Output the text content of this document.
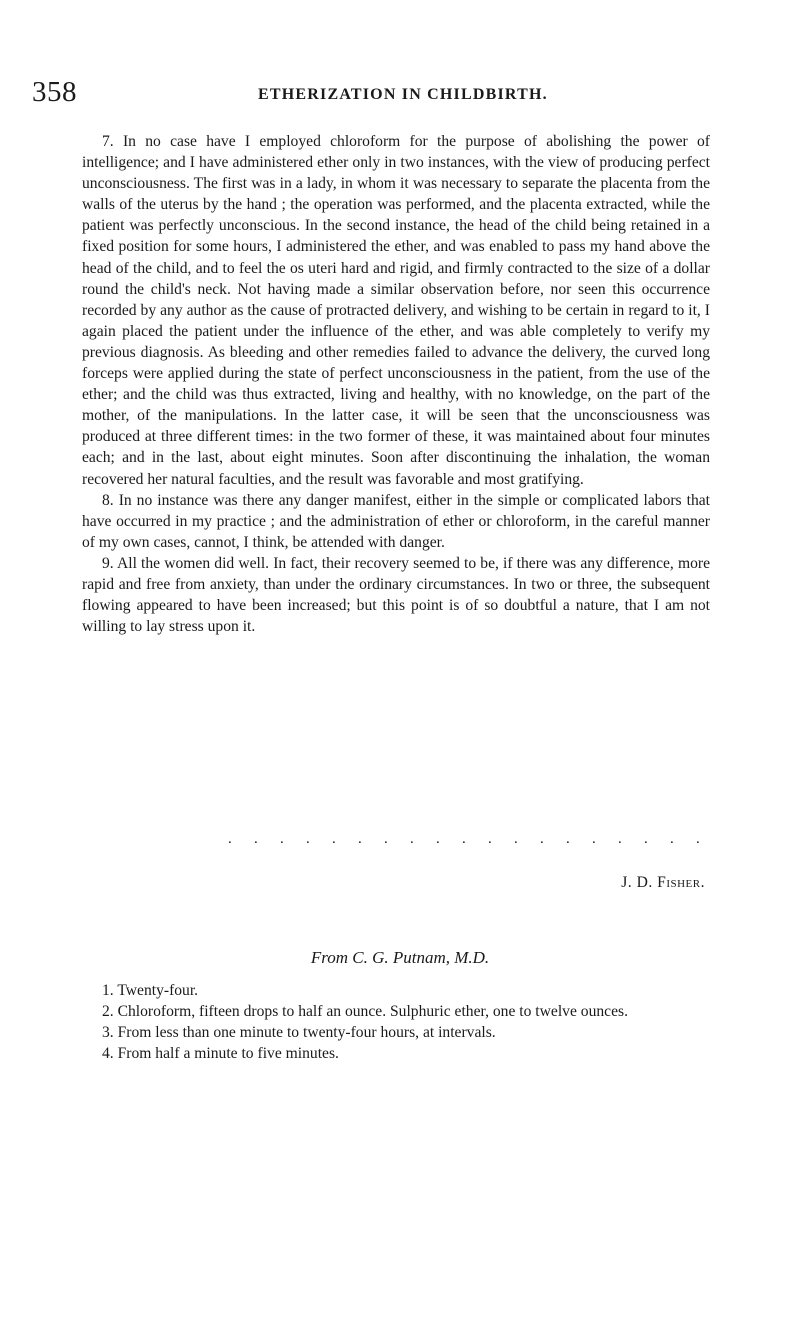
358	ETHERIZATION IN CHILDBIRTH.

7. In no case have I employed chloroform for the purpose of abolishing the power of intelligence; and I have administered ether only in two instances, with the view of producing perfect unconsciousness. The first was in a lady, in whom it was necessary to separate the placenta from the walls of the uterus by the hand ; the operation was performed, and the placenta extracted, while the patient was perfectly unconscious. In the second instance, the head of the child being retained in a fixed position for some hours, I administered the ether, and was enabled to pass my hand above the head of the child, and to feel the os uteri hard and rigid, and firmly contracted to the size of a dollar round the child's neck. Not having made a similar observation before, nor seen this occurrence recorded by any author as the cause of protracted delivery, and wishing to be certain in regard to it, I again placed the patient under the influence of the ether, and was able completely to verify my previous diagnosis. As bleeding and other remedies failed to advance the delivery, the curved long forceps were applied during the state of perfect unconsciousness in the patient, from the use of the ether; and the child was thus extracted, living and healthy, with no knowledge, on the part of the mother, of the manipulations. In the latter case, it will be seen that the unconsciousness was produced at three different times: in the two former of these, it was maintained about four minutes each; and in the last, about eight minutes. Soon after discontinuing the inhalation, the woman recovered her natural faculties, and the result was favorable and most gratifying.

8. In no instance was there any danger manifest, either in the simple or complicated labors that have occurred in my practice ; and the administration of ether or chloroform, in the careful manner of my own cases, cannot, I think, be attended with danger.

9. All the women did well. In fact, their recovery seemed to be, if there was any difference, more rapid and free from anxiety, than under the ordinary circumstances. In two or three, the subsequent flowing appeared to have been increased; but this point is of so doubtful a nature, that I am not willing to lay stress upon it.

. . . . . . . . . . . . . . . . . . .
J. D. Fisher.
From C. G. Putnam, M.D.

1. Twenty-four.

2. Chloroform, fifteen drops to half an ounce. Sulphuric ether, one to twelve ounces.

3. From less than one minute to twenty-four hours, at intervals.

4. From half a minute to five minutes.
